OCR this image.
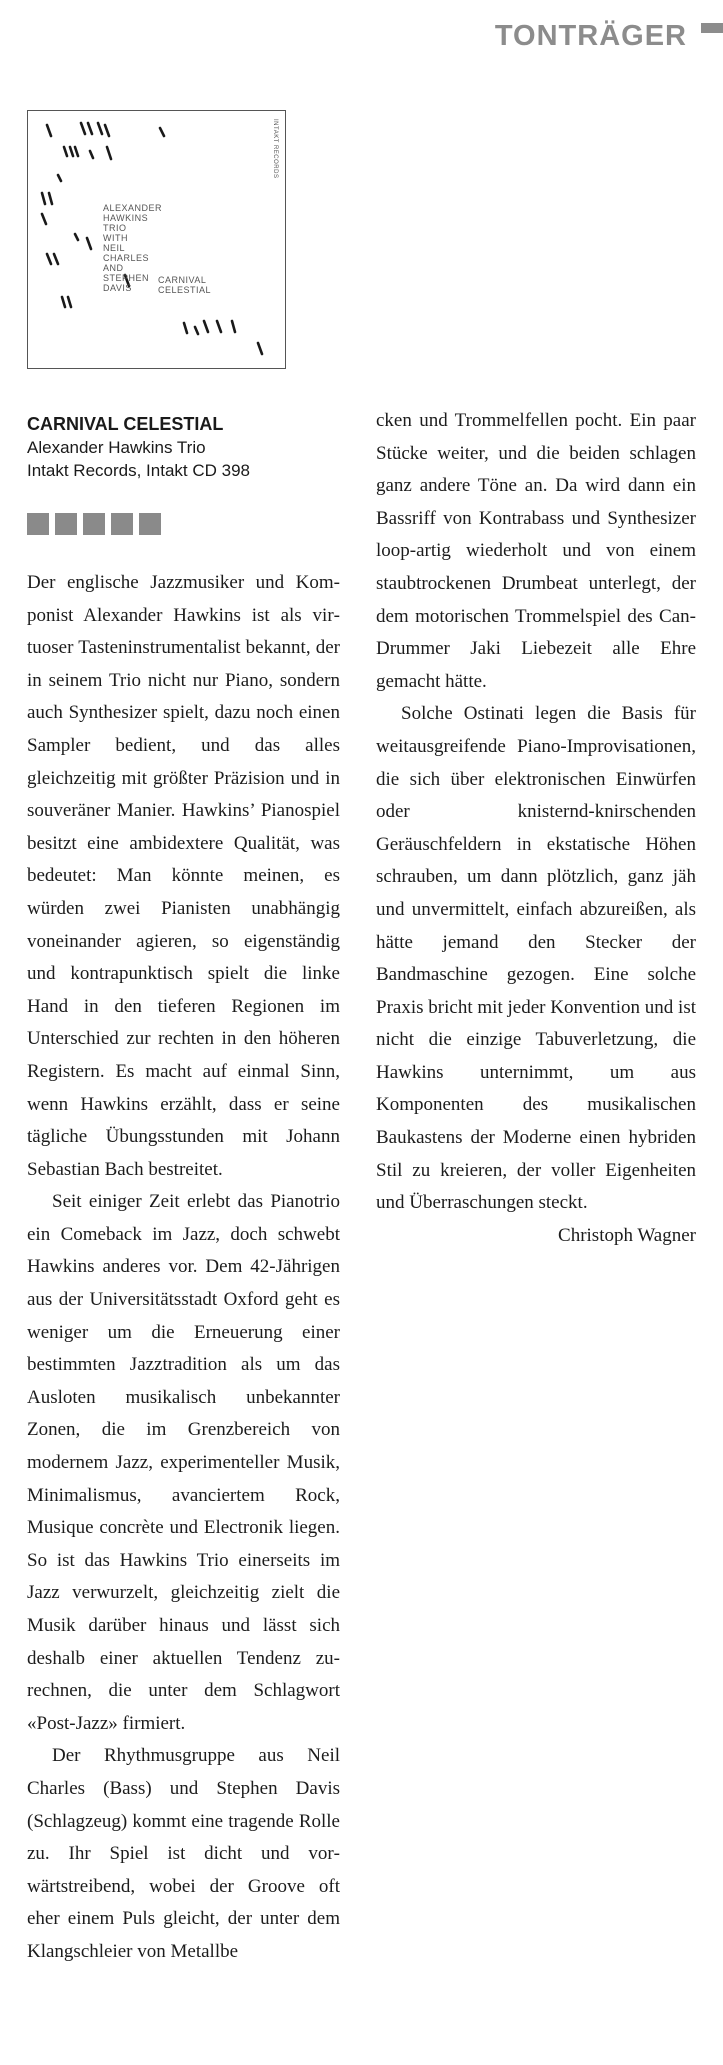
TONTRÄGER
ALEXANDER
HAWKINS
TRIO
WITH
NEIL
CHARLES
AND
STEPHEN
DAVIS
CARNIVAL
CELESTIAL
INTAKT RECORDS
CARNIVAL CELESTIAL
Alexander Hawkins Trio
Intakt Records, Intakt CD 398

Der englische Jazzmusiker und Komponist Alexander Hawkins ist als virtuoser Tasteninstrumentalist bekannt, der in seinem Trio nicht nur Piano, sondern auch Synthesizer spielt, dazu noch einen Sampler bedient, und das alles gleichzeitig mit größter Präzision und in souveräner Manier. Hawkins’ Pianospiel besitzt eine ambidextere Qualität, was bedeutet: Man könnte meinen, es würden zwei Pianisten unabhängig voneinander agieren, so eigenständig und kontrapunktisch spielt die linke Hand in den tieferen Regionen im Unterschied zur rechten in den höheren Registern. Es macht auf einmal Sinn, wenn Hawkins erzählt, dass er seine tägliche Übungsstunden mit Johann Sebastian Bach bestreitet.

Seit einiger Zeit erlebt das Pianotrio ein Comeback im Jazz, doch schwebt Hawkins anderes vor. Dem 42-Jährigen aus der Universitätsstadt Oxford geht es weniger um die Erneuerung einer bestimmten Jazztradition als um das Ausloten musikalisch unbekannter Zonen, die im Grenzbereich von modernem Jazz, experimenteller Musik, Minimalismus, avanciertem Rock, Musique concrète und Electronik liegen. So ist das Hawkins Trio einerseits im Jazz verwurzelt, gleichzeitig zielt die Musik darüber hinaus und lässt sich deshalb einer aktuellen Tendenz zurechnen, die unter dem Schlagwort «Post-Jazz» firmiert.

Der Rhythmusgruppe aus Neil Charles (Bass) und Stephen Davis (Schlagzeug) kommt eine tragende Rolle zu. Ihr Spiel ist dicht und vorwärtstreibend, wobei der Groove oft eher einem Puls gleicht, der unter dem Klangschleier von Metallbe

cken und Trommelfellen pocht. Ein paar Stücke weiter, und die beiden schlagen ganz andere Töne an. Da wird dann ein Bassriff von Kontrabass und Synthesizer loop-artig wiederholt und von einem staubtrockenen Drumbeat unterlegt, der dem motorischen Trommelspiel des Can-Drummer Jaki Liebezeit alle Ehre gemacht hätte.

Solche Ostinati legen die Basis für weitausgreifende Piano-Improvisationen, die sich über elektronischen Einwürfen oder knisternd-knirschenden Geräuschfeldern in ekstatische Höhen schrauben, um dann plötzlich, ganz jäh und unvermittelt, einfach abzureißen, als hätte jemand den Stecker der Bandmaschine gezogen. Eine solche Praxis bricht mit jeder Konvention und ist nicht die einzige Tabuverletzung, die Hawkins unternimmt, um aus Komponenten des musikalischen Baukastens der Moderne einen hybriden Stil zu kreieren, der voller Eigenheiten und Überraschungen steckt.

Christoph Wagner
